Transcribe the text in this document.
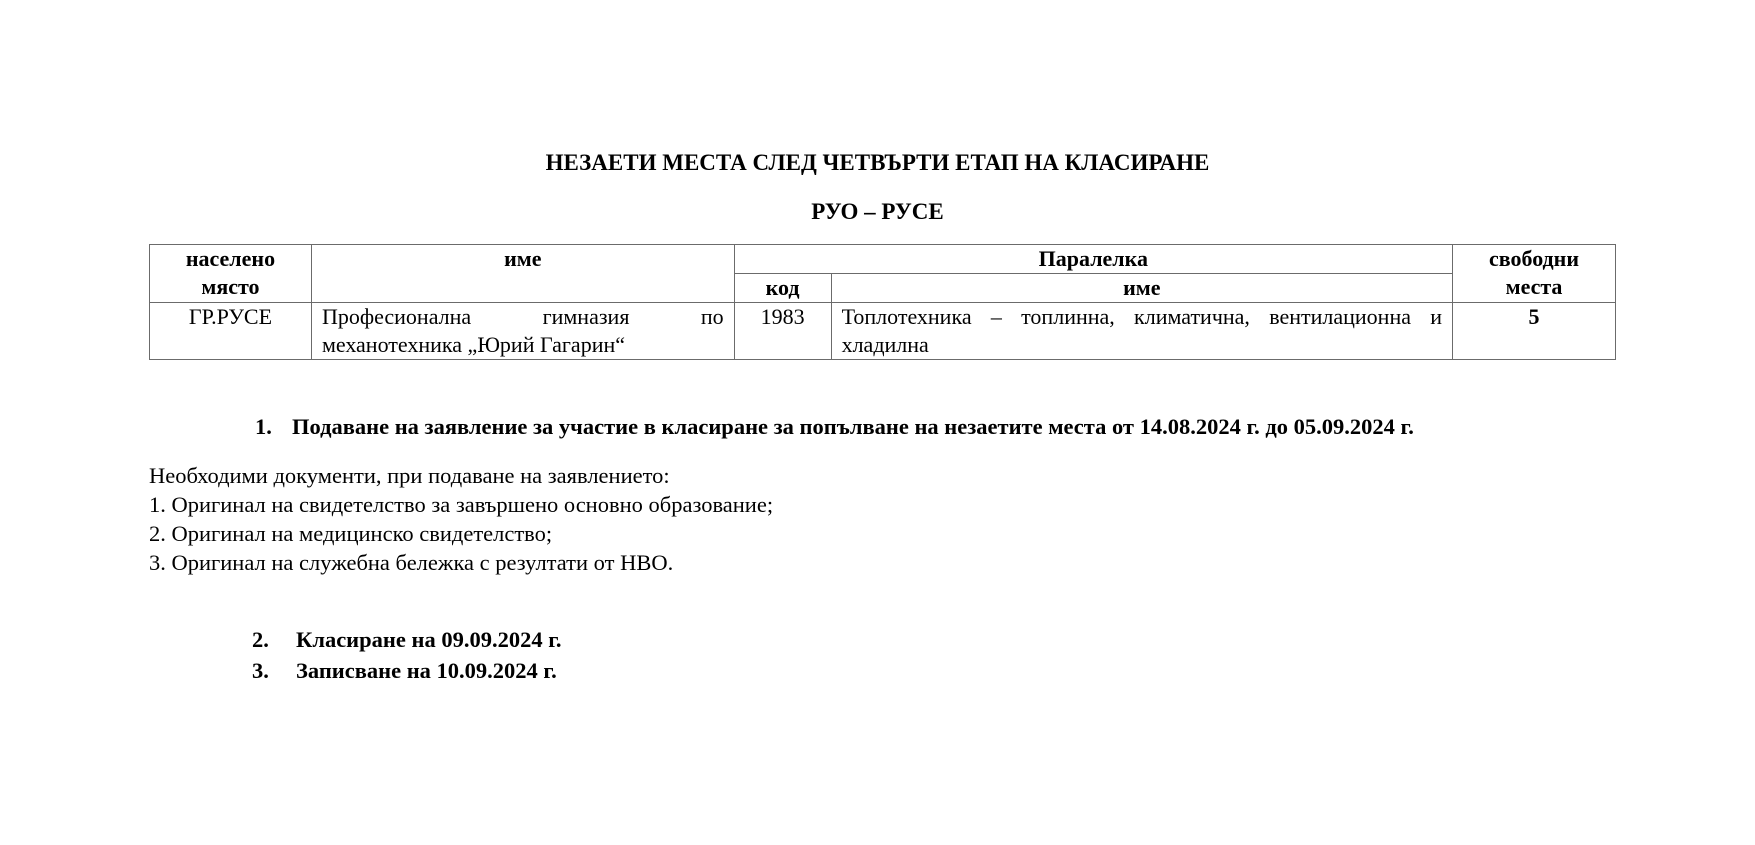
НЕЗАЕТИ МЕСТА СЛЕД ЧЕТВЪРТИ ЕТАП НА КЛАСИРАНЕ
РУО – РУСЕ
населено място	име	Паралелка		свободни места
		код	име	
ГР.РУСЕ	Професионална гимназия по механотехника „Юрий Гагарин“	1983	Топлотехника – топлинна, климатична, вентилационна и хладилна	5
1. Подаване на заявление за участие в класиране за попълване на незаетите места от 14.08.2024 г. до 05.09.2024 г.
Необходими документи, при подаване на заявлението:
1. Оригинал на свидетелство за завършено основно образование;
2. Оригинал на медицинско свидетелство;
3. Оригинал на служебна бележка с резултати от НВО.
2. Класиране на 09.09.2024 г.
3. Записване на 10.09.2024 г.
